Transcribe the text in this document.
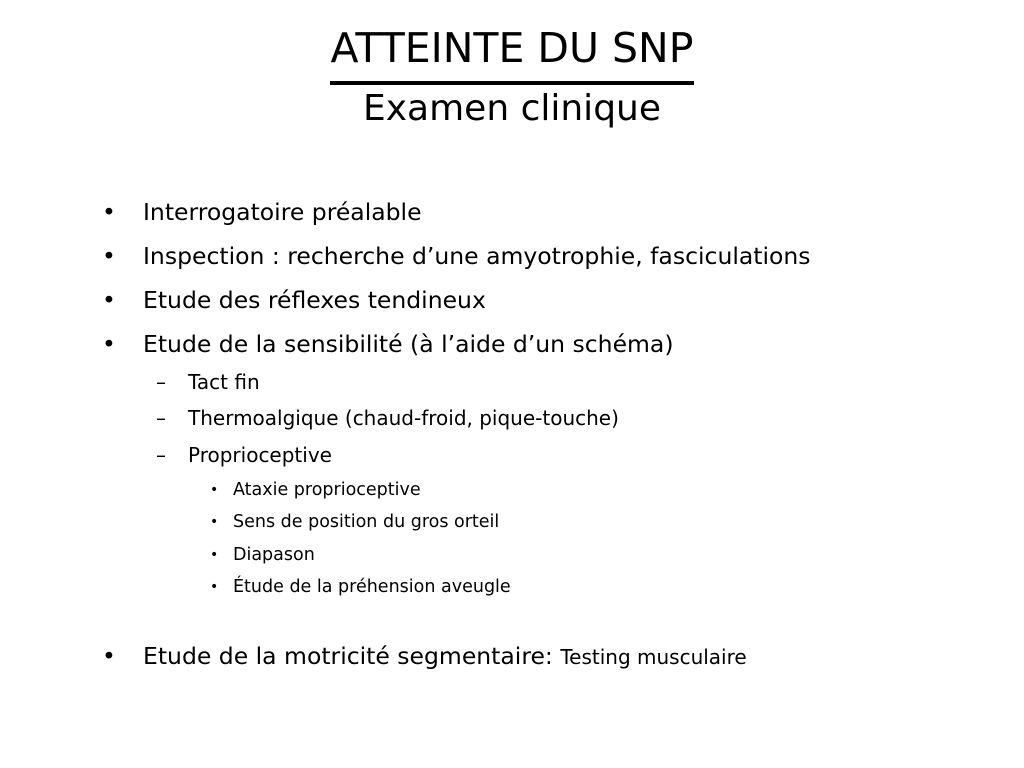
ATTEINTE DU SNP
Examen clinique
• Interrogatoire préalable
• Inspection : recherche d’une amyotrophie, fasciculations
• Etude des réflexes tendineux
• Etude de la sensibilité (à l’aide d’un schéma)
–	Tact fin
–	Thermoalgique (chaud-froid, pique-touche)
–	Proprioceptive
• Ataxie proprioceptive
• Sens de position du gros orteil
• Diapason
• Étude de la préhension aveugle
• Etude de la motricité segmentaire: Testing musculaire
